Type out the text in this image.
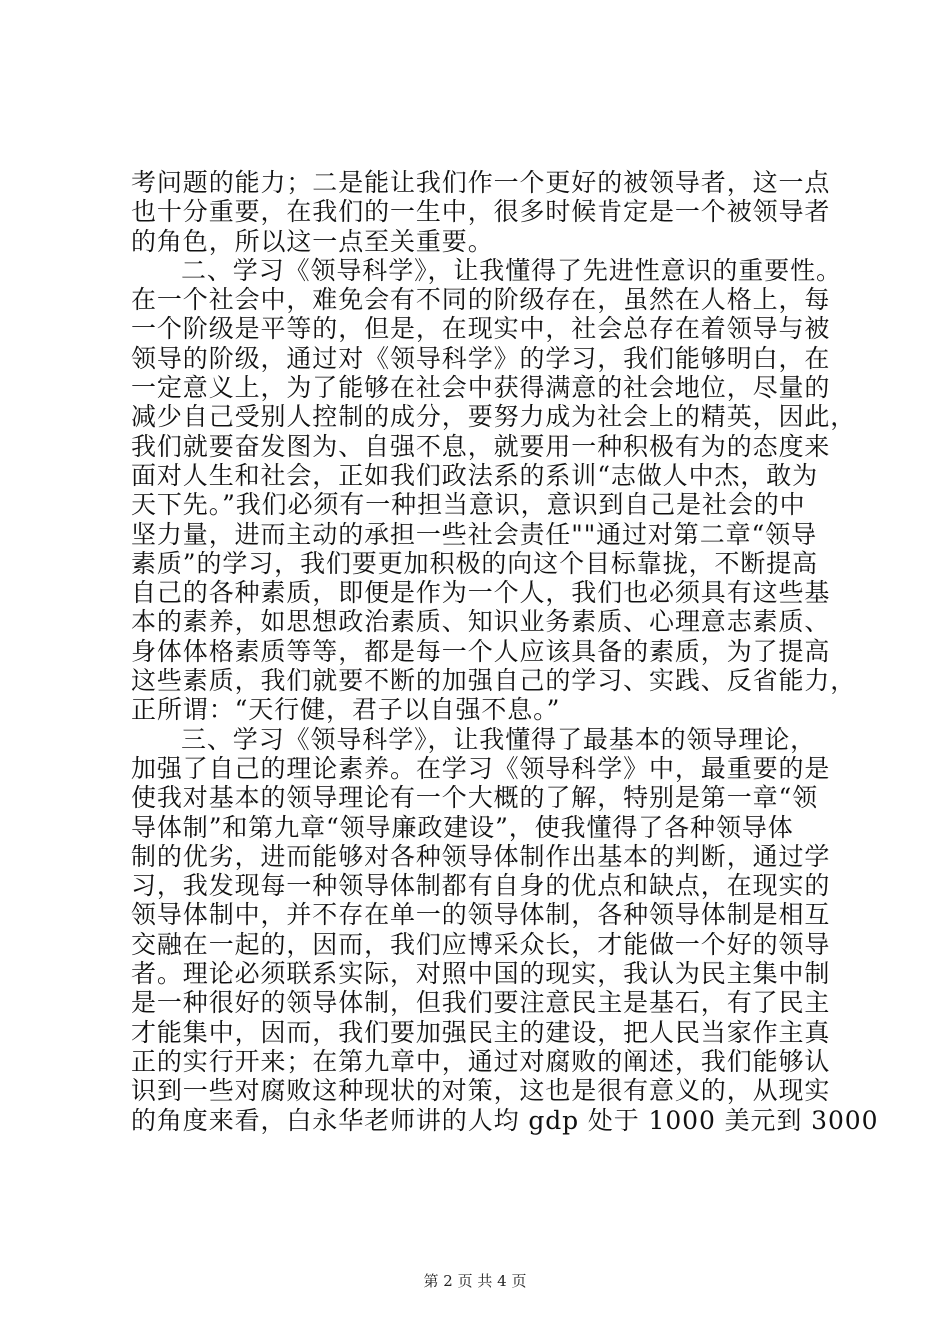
考问题的能力；二是能让我们作一个更好的被领导者，这一点
也十分重要，在我们的一生中，很多时候肯定是一个被领导者
的角色，所以这一点至关重要。
二、学习《领导科学》，让我懂得了先进性意识的重要性。
在一个社会中，难免会有不同的阶级存在，虽然在人格上，每
一个阶级是平等的，但是，在现实中，社会总存在着领导与被
领导的阶级，通过对《领导科学》的学习，我们能够明白，在
一定意义上，为了能够在社会中获得满意的社会地位，尽量的
减少自己受别人控制的成分，要努力成为社会上的精英，因此，
我们就要奋发图为、自强不息，就要用一种积极有为的态度来
面对人生和社会，正如我们政法系的系训“志做人中杰，敢为
天下先。”我们必须有一种担当意识，意识到自己是社会的中
坚力量，进而主动的承担一些社会责任""通过对第二章“领导
素质”的学习，我们要更加积极的向这个目标靠拢，不断提高
自己的各种素质，即便是作为一个人，我们也必须具有这些基
本的素养，如思想政治素质、知识业务素质、心理意志素质、
身体体格素质等等，都是每一个人应该具备的素质，为了提高
这些素质，我们就要不断的加强自己的学习、实践、反省能力，
正所谓：“天行健，君子以自强不息。”
三、学习《领导科学》，让我懂得了最基本的领导理论，
加强了自己的理论素养。在学习《领导科学》中，最重要的是
使我对基本的领导理论有一个大概的了解，特别是第一章“领
导体制”和第九章“领导廉政建设”，使我懂得了各种领导体
制的优劣，进而能够对各种领导体制作出基本的判断，通过学
习，我发现每一种领导体制都有自身的优点和缺点，在现实的
领导体制中，并不存在单一的领导体制，各种领导体制是相互
交融在一起的，因而，我们应博采众长，才能做一个好的领导
者。理论必须联系实际，对照中国的现实，我认为民主集中制
是一种很好的领导体制，但我们要注意民主是基石，有了民主
才能集中，因而，我们要加强民主的建设，把人民当家作主真
正的实行开来；在第九章中，通过对腐败的阐述，我们能够认
识到一些对腐败这种现状的对策，这也是很有意义的，从现实
的角度来看，白永华老师讲的人均 gdp 处于 1000 美元到 3000
第 2 页 共 4 页
